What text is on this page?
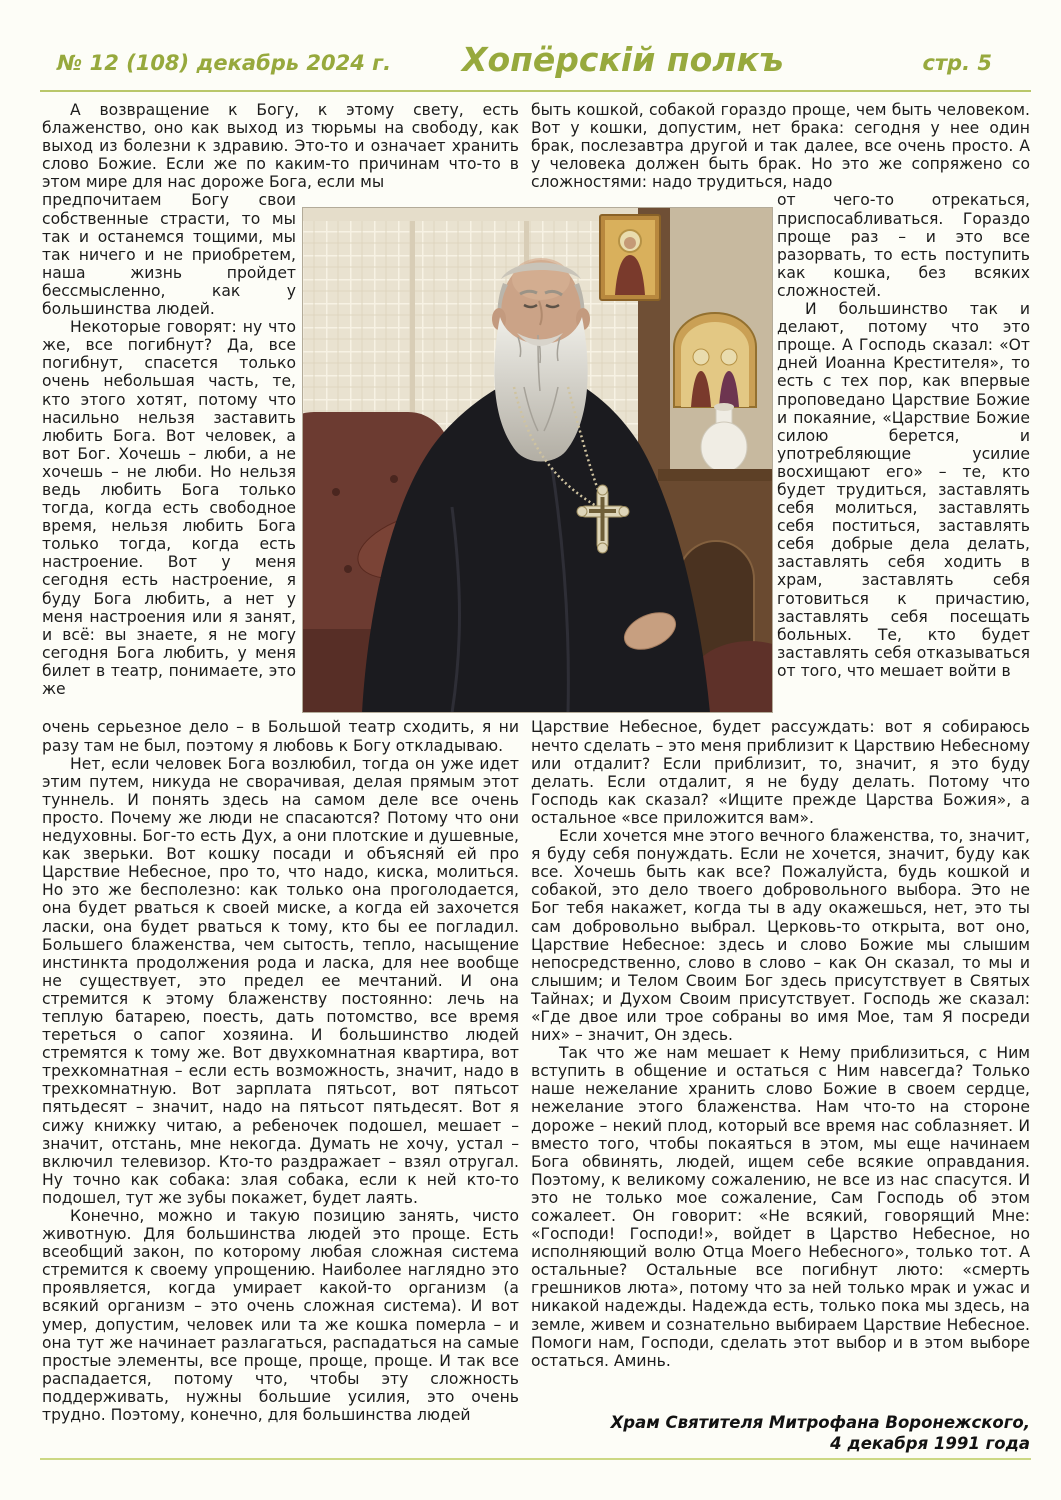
№ 12 (108) декабрь 2024 г. Хопёрскій полкъ	стр. 5

А возвращение к Богу, к этому свету, есть блаженство, оно как выход из тюрьмы на свободу, как выход из болезни к здравию. Это-то и означает хранить слово Божие. Если же по каким-то причинам что-то в этом мире для нас дороже Бога, если мы

предпочитаем Богу свои собственные страсти, то мы так и останемся тощими, мы так ничего и не приобретем, наша жизнь пройдет бессмысленно, как у большинства людей.

Некоторые говорят: ну что же, все погибнут? Да, все погибнут, спасется только очень небольшая часть, те, кто этого хотят, потому что насильно нельзя заставить любить Бога. Вот человек, а вот Бог. Хочешь – люби, а не хочешь – не люби. Но нельзя ведь любить Бога только тогда, когда есть свободное время, нельзя любить Бога только тогда, когда есть настроение. Вот у меня сегодня есть настроение, я буду Бога любить, а нет у меня настроения или я занят, и всё: вы знаете, я не могу сегодня Бога любить, у меня билет в театр, понимаете, это же

очень серьезное дело – в Большой театр сходить, я ни разу там не был, поэтому я любовь к Богу откладываю.

Нет, если человек Бога возлюбил, тогда он уже идет этим путем, никуда не сворачивая, делая прямым этот туннель. И понять здесь на самом деле все очень просто. Почему же люди не спасаются? Потому что они недуховны. Бог-то есть Дух, а они плотские и душевные, как зверьки. Вот кошку посади и объясняй ей про Царствие Небесное, про то, что надо, киска, молиться. Но это же бесполезно: как только она проголодается, она будет рваться к своей миске, а когда ей захочется ласки, она будет рваться к тому, кто бы ее погладил. Большего блаженства, чем сытость, тепло, насыщение инстинкта продолжения рода и ласка, для нее вообще не существует, это предел ее мечтаний. И она стремится к этому блаженству постоянно: лечь на теплую батарею, поесть, дать потомство, все время тереться о сапог хозяина. И большинство людей стремятся к тому же. Вот двухкомнатная квартира, вот трехкомнатная – если есть возможность, значит, надо в трехкомнатную. Вот зарплата пятьсот, вот пятьсот пятьдесят – значит, надо на пятьсот пятьдесят. Вот я сижу книжку читаю, а ребеночек подошел, мешает – значит, отстань, мне некогда. Думать не хочу, устал – включил телевизор. Кто-то раздражает – взял отругал. Ну точно как собака: злая собака, если к ней кто-то подошел, тут же зубы покажет, будет лаять.

Конечно, можно и такую позицию занять, чисто животную. Для большинства людей это проще. Есть всеобщий закон, по которому любая сложная система стремится к своему упрощению. Наиболее наглядно это проявляется, когда умирает какой-то организм (а всякий организм – это очень сложная система). И вот умер, допустим, человек или та же кошка померла – и она тут же начинает разлагаться, распадаться на самые простые элементы, все проще, проще, проще. И так все распадается, потому что, чтобы эту сложность поддерживать, нужны большие усилия, это очень трудно. Поэтому, конечно, для большинства людей

быть кошкой, собакой гораздо проще, чем быть человеком. Вот у кошки, допустим, нет брака: сегодня у нее один брак, послезавтра другой и так далее, все очень просто. А у человека должен быть брак. Но это же сопряжено со сложностями: надо трудиться, надо

от чего-то отрекаться, приспосабливаться. Гораздо проще раз – и это все разорвать, то есть поступить как кошка, без всяких сложностей.

И большинство так и делают, потому что это проще. А Господь сказал: «От дней Иоанна Крестителя», то есть с тех пор, как впервые проповедано Царствие Божие и покаяние, «Царствие Божие силою берется, и употребляющие усилие восхищают его» – те, кто будет трудиться, заставлять себя молиться, заставлять себя поститься, заставлять себя добрые дела делать, заставлять себя ходить в храм, заставлять себя готовиться к причастию, заставлять себя посещать больных. Те, кто будет заставлять себя отказываться от того, что мешает войти в

Царствие Небесное, будет рассуждать: вот я собираюсь нечто сделать – это меня приблизит к Царствию Небесному или отдалит? Если приблизит, то, значит, я это буду делать. Если отдалит, я не буду делать. Потому что Господь как сказал? «Ищите прежде Царства Божия», а остальное «все приложится вам».

Если хочется мне этого вечного блаженства, то, значит, я буду себя понуждать. Если не хочется, значит, буду как все. Хочешь быть как все? Пожалуйста, будь кошкой и собакой, это дело твоего добровольного выбора. Это не Бог тебя накажет, когда ты в аду окажешься, нет, это ты сам добровольно выбрал. Церковь-то открыта, вот оно, Царствие Небесное: здесь и слово Божие мы слышим непосредственно, слово в слово – как Он сказал, то мы и слышим; и Телом Своим Бог здесь присутствует в Святых Тайнах; и Духом Своим присутствует. Господь же сказал: «Где двое или трое собраны во имя Мое, там Я посреди них» – значит, Он здесь.

Так что же нам мешает к Нему приблизиться, с Ним вступить в общение и остаться с Ним навсегда? Только наше нежелание хранить слово Божие в своем сердце, нежелание этого блаженства. Нам что-то на стороне дороже – некий плод, который все время нас соблазняет. И вместо того, чтобы покаяться в этом, мы еще начинаем Бога обвинять, людей, ищем себе всякие оправдания. Поэтому, к великому сожалению, не все из нас спасутся. И это не только мое сожаление, Сам Господь об этом сожалеет. Он говорит: «Не всякий, говорящий Мне: «Господи! Господи!», войдет в Царство Небесное, но исполняющий волю Отца Моего Небесного», только тот. А остальные? Остальные все погибнут люто: «смерть грешников люта», потому что за ней только мрак и ужас и никакой надежды. Надежда есть, только пока мы здесь, на земле, живем и сознательно выбираем Царствие Небесное. Помоги нам, Господи, сделать этот выбор и в этом выборе остаться. Аминь.

Храм Святителя Митрофана Воронежского,
4 декабря 1991 года
